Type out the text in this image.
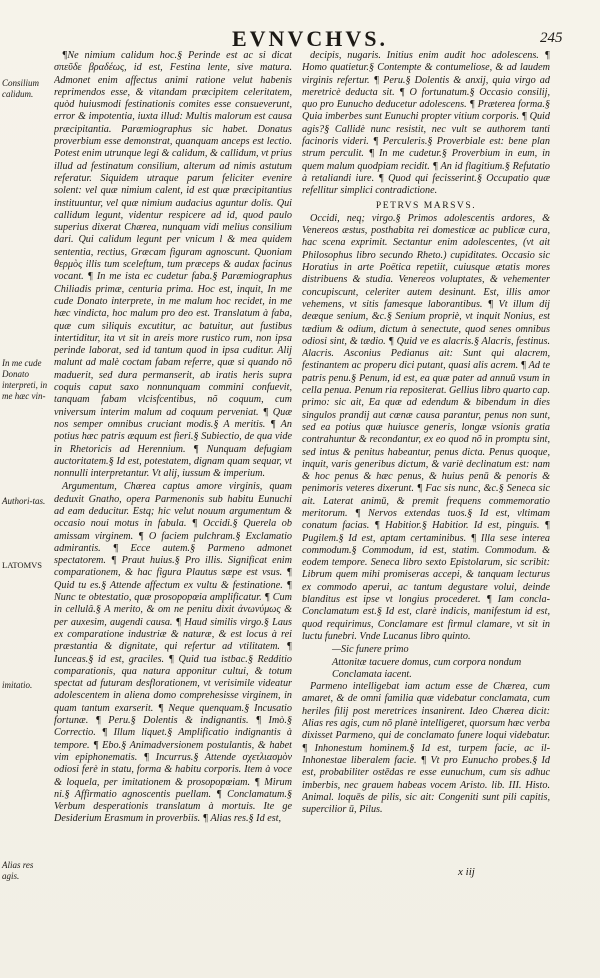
EVNVCHVS.	245
Consilium calidum.
In me cude Donato interpreti, in me hæc vin-
Authori-tas.
LATOMVS
imitatio.
Alias res agis.

¶Ne nimium calidum hoc.§ Perinde est ac si dicat σπεῦδε βραδέως, id est, Festina lente, sive matura. Admonet enim affectus animi ratione velut habenis reprimendos esse, & vitandam præcipitem celeritatem, quòd huiusmodi festinationis comites esse consueverunt, error & impotentia, iuxta illud: Multis malorum est causa præcipitantia. Paræmiographus sic habet. Donatus proverbium esse demonstrat, quanquam anceps est lectio. Potest enim utrunque legi & calidum, & callidum, vt prius illud ad festinatum consilium, alterum ad nimis astutum referatur. Siquidem utraque parum feliciter evenire solent: vel quæ nimium calent, id est quæ præcipitantius instituuntur, vel quæ nimium audacius aguntur dolis. Qui callidum legunt, videntur respicere ad id, quod paulo superius dixerat Chærea, nunquam vidi melius consilium dari. Qui calidum legunt per vnicum l & mea quidem sententia, rectius, Græcam figuram agnoscunt. Quoniam θερμὸς illis tum sceleftum, tum præceps & audax facinus vocant. ¶ In me ista ec cudetur faba.§ Paræmiographus Chiliadis primæ, centuria prima. Hoc est, inquit, In me cude Donato interprete, in me malum hoc recidet, in me hæc vindicta, hoc malum pro deo est. Translatum à faba, quæ cum siliquis excutitur, ac batuitur, aut fustibus intertiditur, ita vt sit in areis more rustico rum, non ipsa perinde laborat, sed id tantum quod in ipsa cuditur. Alij malunt ad malè coctam fabam referre, quæ si quando nõ maduerit, sed dura permanserit, ab iratis heris supra coquis caput saxo nonnunquam commini confuevit, tanquam fabam vlcisfcentibus, nõ coquum, cum vniversum interim malum ad coquum perveniat. ¶ Quæ nos semper omnibus cruciant modis.§ A meritis. ¶ An potius hæc patris æquum est fieri.§ Subiectio, de qua vide in Rhetoricis ad Herennium. ¶ Nunquam defugiam auctoritatem.§ Id est, potestatem, dignam quam sequar, vt nonnulli interpretantur. Vt alij, iussum & imperium.

Argumentum, Chærea captus amore virginis, quam deduxit Gnatho, opera Parmenonis sub habitu Eunuchi ad eam deducitur. Estq; hic velut nouum argumentum & occasio noui motus in fabula. ¶ Occidi.§ Querela ob amissam virginem. ¶ O faciem pulchram.§ Exclamatio admirantis. ¶ Ecce autem.§ Parmeno admonet spectatorem. ¶ Praut huius.§ Pro illis. Significat enim comparationem, & hac figura Plautus sæpe est vsus. ¶ Quid tu es.§ Attende affectum ex vultu & festinatione. ¶ Nunc te obtestatio, quæ prosopopœia amplificatur. ¶ Cum in cellulâ.§ A merito, & om ne penitu dixit ἀνωνύμως & per auxesim, augendi causa. ¶ Haud similis virgo.§ Laus ex comparatione industriæ & naturæ, & est locus à rei præstantia & dignitate, qui refertur ad vtilitatem. ¶ Iunceas.§ id est, graciles. ¶ Quid tua istbac.§ Redditio comparationis, qua natura apponitur cultui, & totum spectat ad futuram desflorationem, vt verisimile videatur adolescentem in aliena domo comprehesisse virginem, in quam tantum exarserit. ¶ Neque quenquam.§ Incusatio fortunæ. ¶ Peru.§ Dolentis & indignantis. ¶ Imò.§ Correctio. ¶ Illum liquet.§ Amplificatio indignantis à tempore. ¶ Ebo.§ Animadversionem postulantis, & habet vim epiphonematis. ¶ Incurrus.§ Attende σχετλιασμὸν odiosi ferè in statu, forma & habitu corporis. Item à voce & loquela, per imitationem & prosopopœiam. ¶ Mirum ni.§ Affirmatio agnoscentis puellam. ¶ Conclamatum.§ Verbum desperationis translatum à mortuis. Ite ge Desiderium Erasmum in proverbiis. ¶ Alias res.§ Id est,

decipis, nugaris. Initius enim audit hoc adolescens. ¶ Homo quatietur.§ Contempte & contumeliose, & ad laudem virginis refertur. ¶ Peru.§ Dolentis & anxij, quia virgo ad meretricè deducta sit. ¶ O fortunatum.§ Occasio consilij, quo pro Eunucho deducetur adolescens. ¶ Præterea forma.§ Quia imberbes sunt Eunuchi propter vitium corporis. ¶ Quid agis?§ Callidè nunc resistit, nec vult se authorem tanti facinoris videri. ¶ Perculeris.§ Proverbiale est: bene plan strum perculit. ¶ In me cudetur.§ Proverbium in eum, in quem malum quodpiam recidit. ¶ An id flagitium.§ Refutatio à retaliandi iure. ¶ Quod qui fecisserint.§ Occupatio quæ refellitur simplici contradictione.

PETRVS MARSVS.

Occidi, neq; virgo.§ Primos adolescentis ardores, & Venereos æstus, posthabita rei domesticæ ac publicæ cura, hac scena exprimit. Sectantur enim adolescentes, (vt ait Philosophus libro secundo Rheto.) cupiditates. Occasio sic Horatius in arte Poëtica repetiit, cuiusque ætatis mores distribuens & studia. Venereos voluptates, & vehementer concupiscunt, celeriter autem desinunt. Est, illis amor vehemens, vt sitis famesque laborantibus. ¶ Vt illum dij deæque senium, &c.§ Senium propriè, vt inquit Nonius, est tædium & odium, dictum à senectute, quod senes omnibus odiosi sint, & tædio. ¶ Quid ve es alacris.§ Alacris, festinus. Alacris. Asconius Pedianus ait: Sunt qui alacrem, festinantem ac properu dici putant, quasi alis acrem. ¶ Ad te patris penu.§ Penum, id est, ea quæ pater ad annuū vsum in cella penua. Penum ria repositerat. Gellius libro quarto cap. primo: sic ait, Ea quæ ad edendum & bibendum in dies singulos prandij aut cœnæ causa parantur, penus non sunt, sed ea potius quæ huiusce generis, longæ vsionis gratia contrahuntur & recondantur, ex eo quod nõ in promptu sint, sed intus & penitus habeantur, penus dicta. Penus quoque, inquit, varis generibus dictum, & variè declinatum est: nam & hoc penus & hæc penus, & huius penū & penoris & penimoris veteres dixerunt. ¶ Fac sis nunc, &c.§ Seneca sic ait. Laterat animū, & premit frequens commemoratio meritorum. ¶ Nervos extendas tuos.§ Id est, vltimam conatum facias. ¶ Habitior.§ Habitior. Id est, pinguis. ¶ Pugilem.§ Id est, aptam certaminibus. ¶ Illa sese interea commodum.§ Commodum, id est, statim. Commodum. & eodem tempore. Seneca libro sexto Epistolarum, sic scribit: Librum quem mihi promiseras accepi, & tanquam lecturus ex commodo aperui, ac tantum degustare volui, deinde blanditus est ipse vt longius procederet. ¶ Iam concla- Conclamatum est.§ Id est, clarè indicis, manifestum id est, quod requirimus, Conclamare est firmul clamare, vt sit in luctu funebri. Vnde Lucanus libro quinto.

—Sic funere primo

Attonitæ tacuere domus, cum corpora nondum

Conclamata iacent.

Parmeno intelligebat iam actum esse de Chærea, cum amaret, & de omni familia quæ videbatur conclamata, cum heriles filij post meretrices insanirent. Ideo Chærea dicit: Alias res agis, cum nõ planè intelligeret, quorsum hæc verba dixisset Parmeno, qui de conclamato funere loqui videbatur. ¶ Inhonestum hominem.§ Id est, turpem facie, ac il- Inhonestae liberalem facie. ¶ Vt pro Eunucho probes.§ Id est, probabiliter ostēdas re esse eunuchum, cum sis adhuc imberbis, nec grauem habeas vocem Aristo. lib. III. Histo. Animal. loquēs de pilis, sic ait: Congeniti sunt pili capitis, supercilior ū, Pilus.

x iij
